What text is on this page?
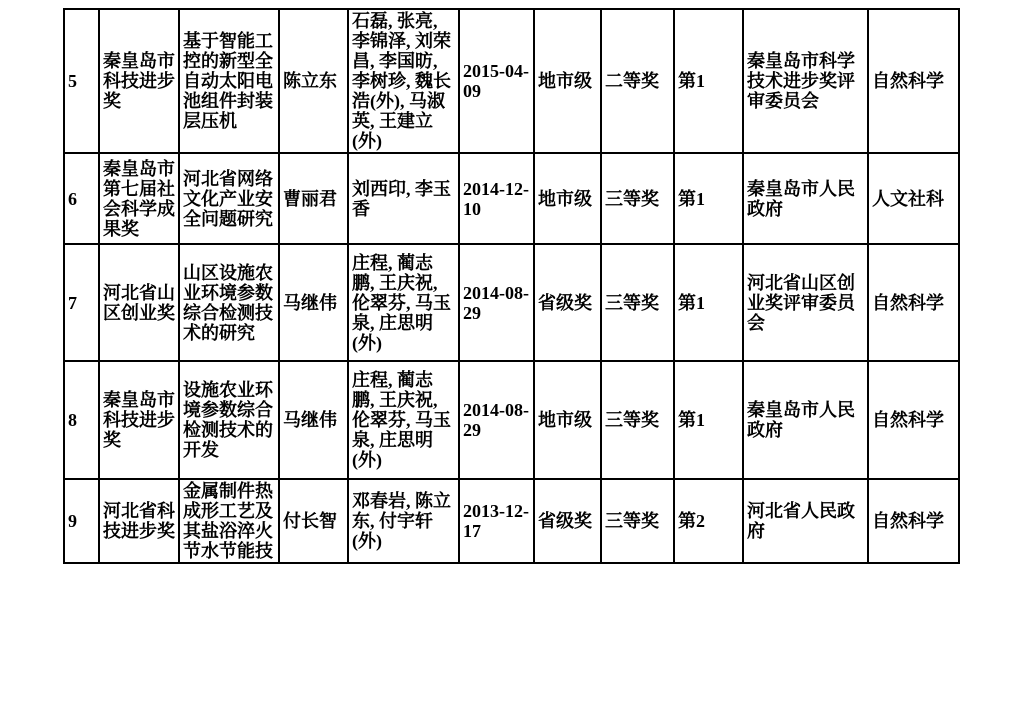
5	秦皇岛市科技进步奖	基于智能工控的新型全自动太阳电池组件封装层压机	陈立东	石磊, 张亮, 李锦泽, 刘荣昌, 李国昉, 李树珍, 魏长浩(外), 马淑英, 王建立(外)	2015-04-09	地市级	二等奖	第1	秦皇岛市科学技术进步奖评审委员会	自然科学
6	秦皇岛市第七届社会科学成果奖	河北省网络文化产业安全问题研究	曹丽君	刘西印, 李玉香	2014-12-10	地市级	三等奖	第1	秦皇岛市人民政府	人文社科
7	河北省山区创业奖	山区设施农业环境参数综合检测技术的研究	马继伟	庄程, 蔺志鹏, 王庆祝, 伦翠芬, 马玉泉, 庄思明(外)	2014-08-29	省级奖	三等奖	第1	河北省山区创业奖评审委员会	自然科学
8	秦皇岛市科技进步奖	设施农业环境参数综合检测技术的开发	马继伟	庄程, 蔺志鹏, 王庆祝, 伦翠芬, 马玉泉, 庄思明(外)	2014-08-29	地市级	三等奖	第1	秦皇岛市人民政府	自然科学
9	河北省科技进步奖	金属制件热成形工艺及其盐浴淬火节水节能技	付长智	邓春岩, 陈立东, 付宇轩(外)	2013-12-17	省级奖	三等奖	第2	河北省人民政府	自然科学
